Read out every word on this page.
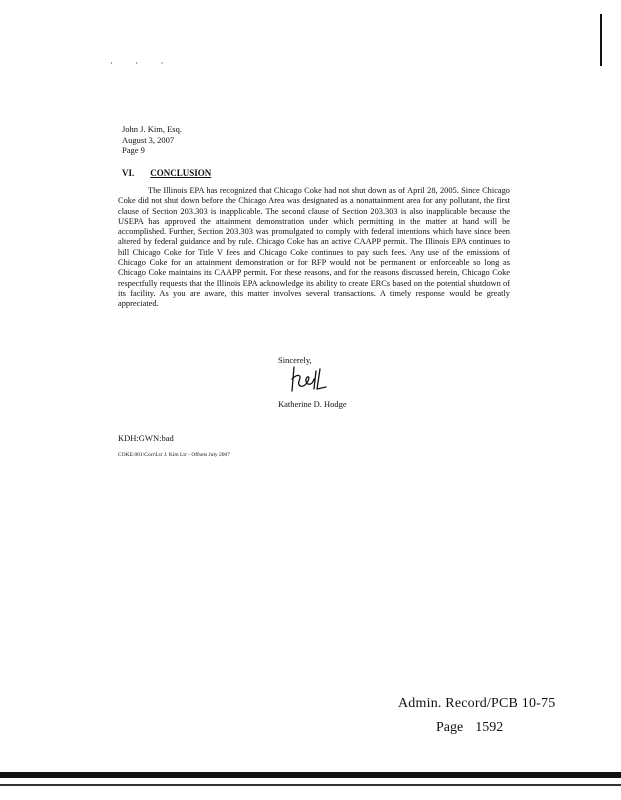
· · ·
John J. Kim, Esq.
August 3, 2007
Page 9
VI. CONCLUSION
The Illinois EPA has recognized that Chicago Coke had not shut down as of April 28, 2005. Since Chicago Coke did not shut down before the Chicago Area was designated as a nonattainment area for any pollutant, the first clause of Section 203.303 is inapplicable. The second clause of Section 203.303 is also inapplicable because the USEPA has approved the attainment demonstration under which permitting in the matter at hand will be accomplished. Further, Section 203.303 was promulgated to comply with federal intentions which have since been altered by federal guidance and by rule. Chicago Coke has an active CAAPP permit. The Illinois EPA continues to bill Chicago Coke for Title V fees and Chicago Coke continues to pay such fees. Any use of the emissions of Chicago Coke for an attainment demonstration or for RFP would not be permanent or enforceable so long as Chicago Coke maintains its CAAPP permit. For these reasons, and for the reasons discussed herein, Chicago Coke respectfully requests that the Illinois EPA acknowledge its ability to create ERCs based on the potential shutdown of its facility. As you are aware, this matter involves several transactions. A timely response would be greatly appreciated.
Sincerely,
Katherine D. Hodge
KDH:GWN:bad
COKE:001\Corr\Ltr J. Kim Ltr - Offsets July 2007
Admin. Record/PCB 10-75
Page 1592
